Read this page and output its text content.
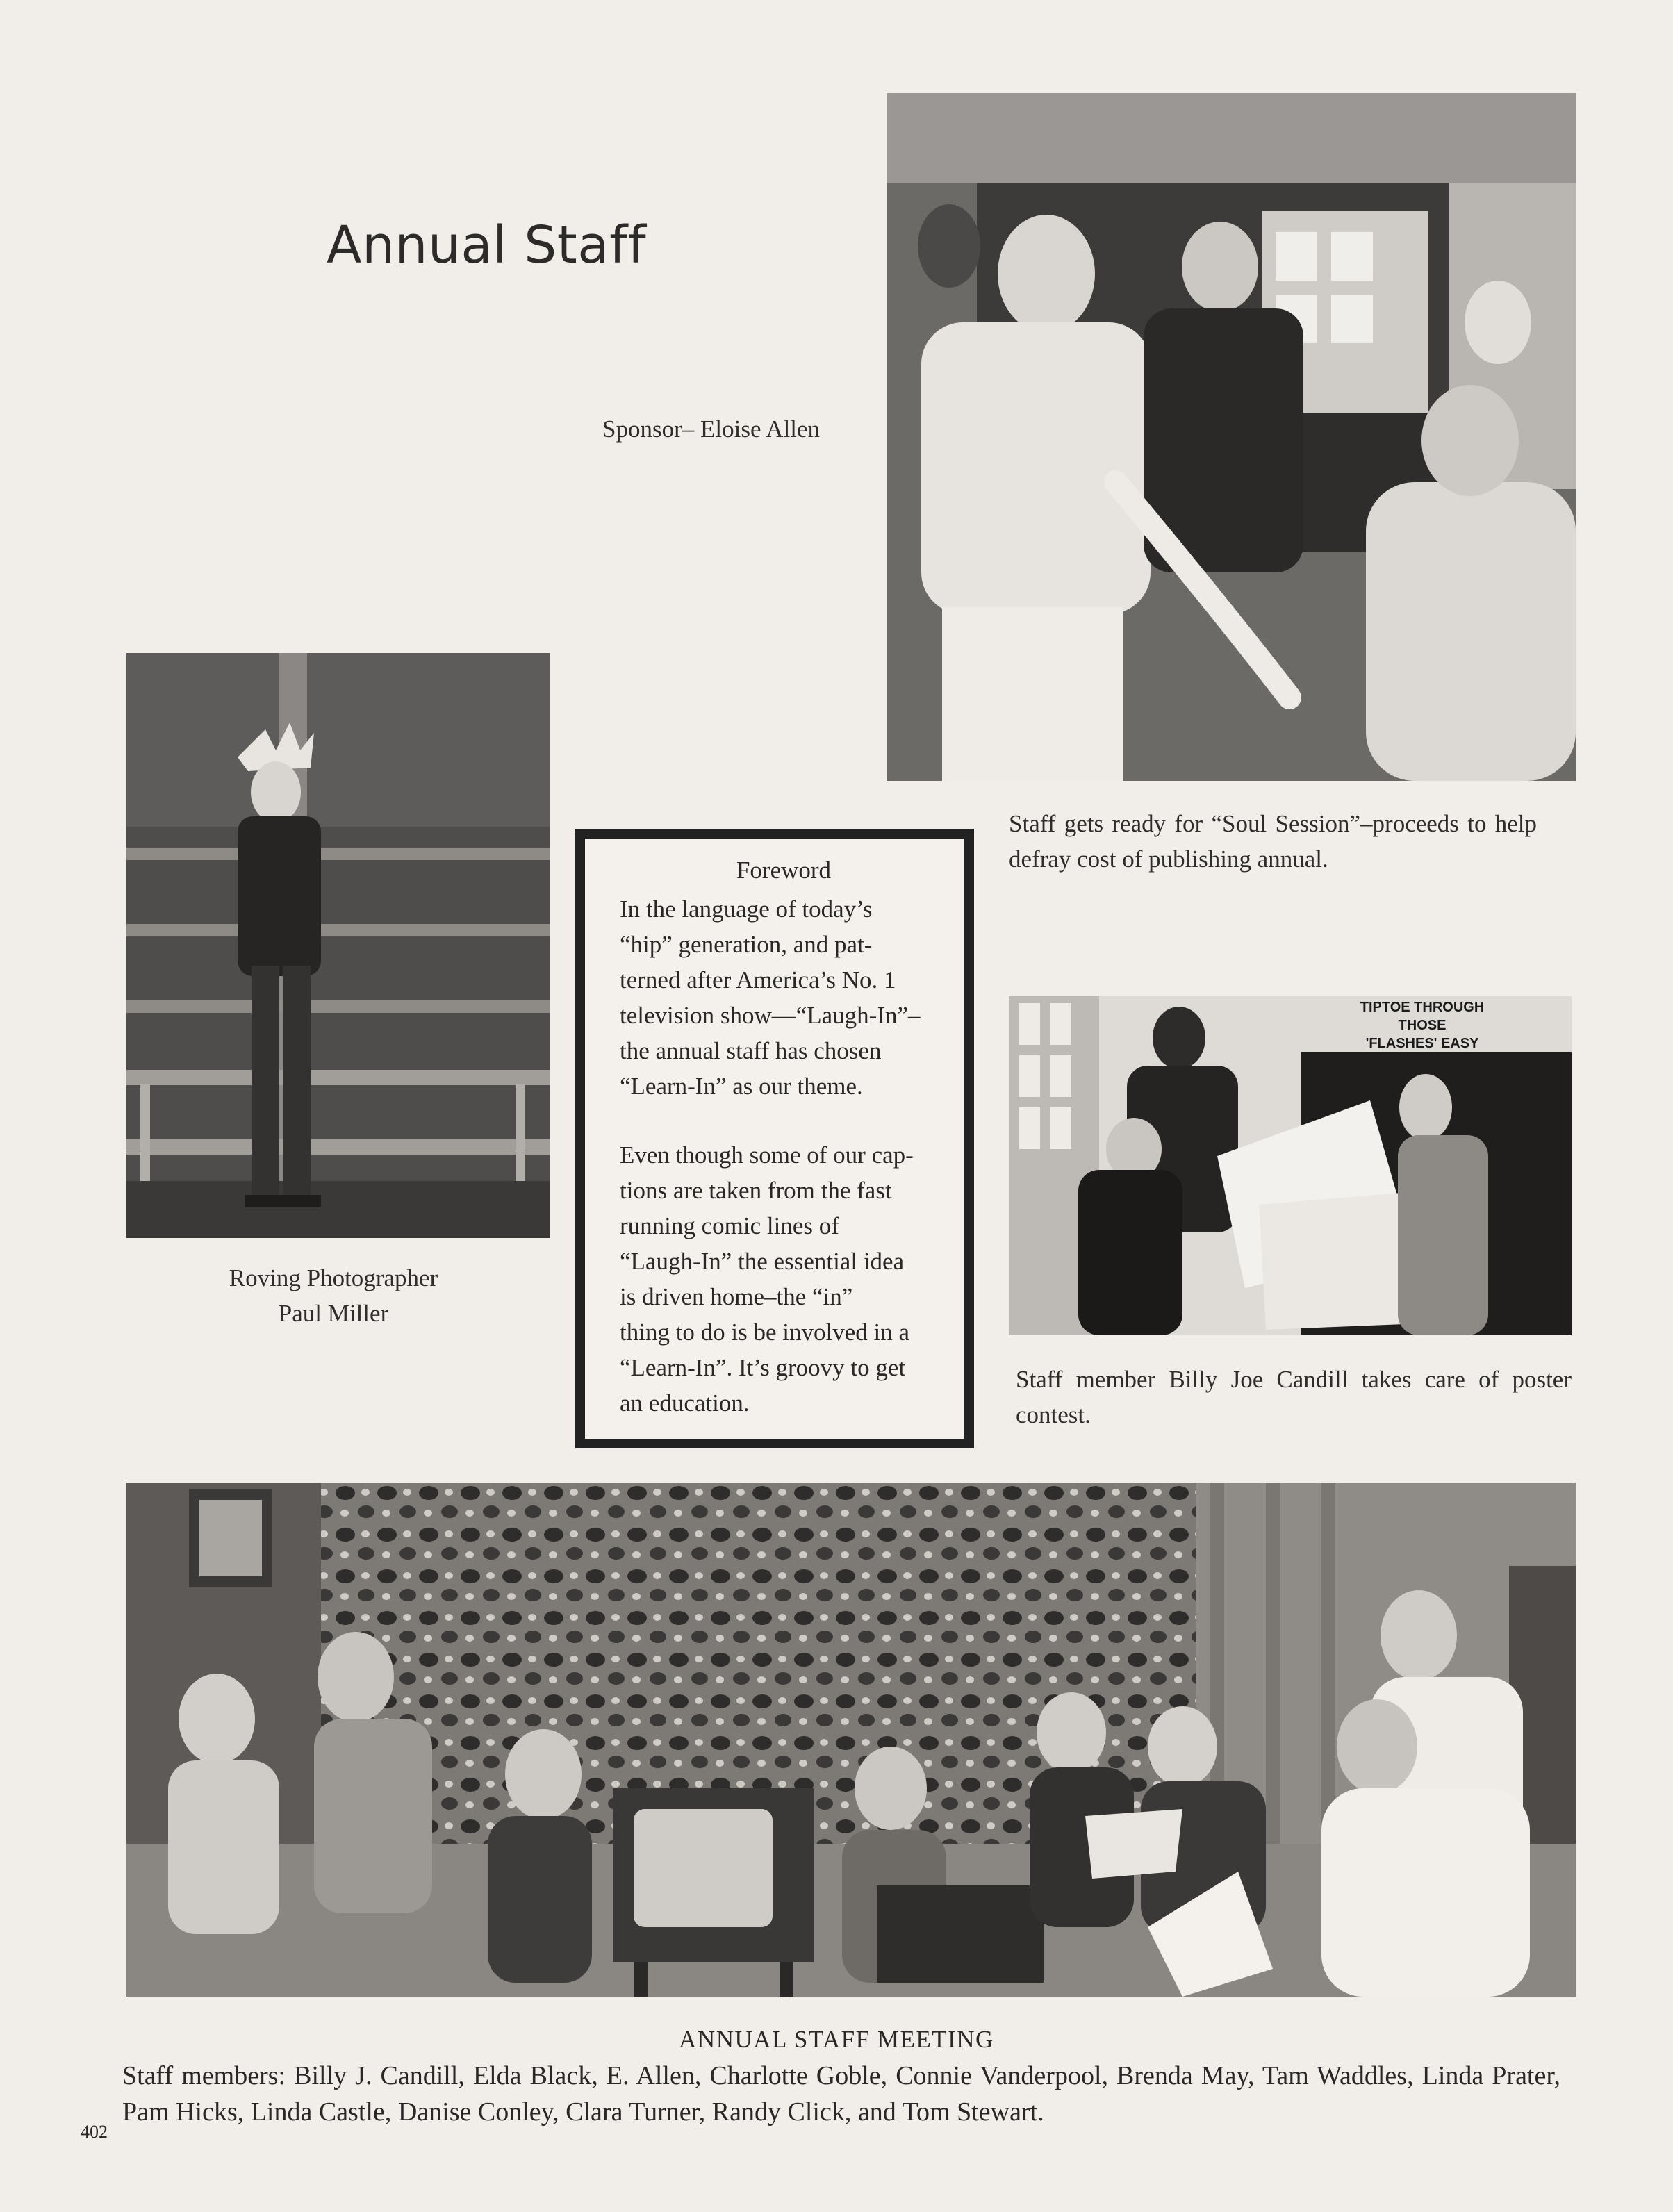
Annual Staff
Sponsor– Eloise Allen
Roving Photographer
Paul Miller
Staff gets ready for “Soul Session”–proceeds to help defray cost of publishing annual.
Foreword

In the language of today’s
“hip” generation, and pat-
terned after America’s No. 1
television show—“Laugh-In”–
the annual staff has chosen
“Learn-In” as our theme.

Even though some of our cap-
tions are taken from the fast
running comic lines of
“Laugh-In” the essential idea
is driven home–the “in”
thing to do is be involved in a
“Learn-In”. It’s groovy to get
an education.

TIPTOE THROUGH
THOSE
'FLASHES' EASY
Staff member Billy Joe Candill takes care of poster contest.
ANNUAL STAFF MEETING
Staff members: Billy J. Candill, Elda Black, E. Allen, Charlotte Goble, Connie Vanderpool, Brenda May, Tam Waddles, Linda Prater, Pam Hicks, Linda Castle, Danise Conley, Clara Turner, Randy Click, and Tom Stewart.
402
